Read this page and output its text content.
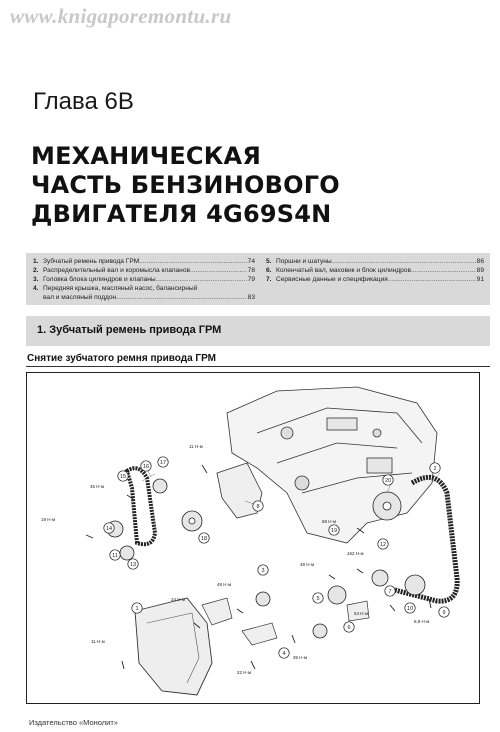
www.knigaporemontu.ru
Глава 6В
МЕХАНИЧЕСКАЯ
ЧАСТЬ БЕНЗИНОВОГО
ДВИГАТЕЛЯ 4G69S4N
1. Зубчатый ремень привода ГРМ .....	74
2. Распределительный вал и коромысла клапанов .....	78
3. Головка блока цилиндров и клапаны .....	79
4. Передняя крышка, масляный насос, балансирный
вал и масляный поддон .....	83
5. Поршни и шатуны .....	86
6. Коленчатый вал, маховик и блок цилиндров .....	89
7. Сервисные данные и спецификация .....	91
1. Зубчатый ремень привода ГРМ
Снятие зубчатого ремня привода ГРМ
11 Н·м
45 Н·м
19 Н·м	88 Н·м
162 Н·м
48 Н·м
48 Н·м
24 Н·м
54 Н·м
8,8 Н·м
11 Н·м
35 Н·м
22 Н·м
1
2
3
4
5
6
7
8
9
10
11
12
13
14
15
16
17
18
19
20
Издательство «Монолит»
